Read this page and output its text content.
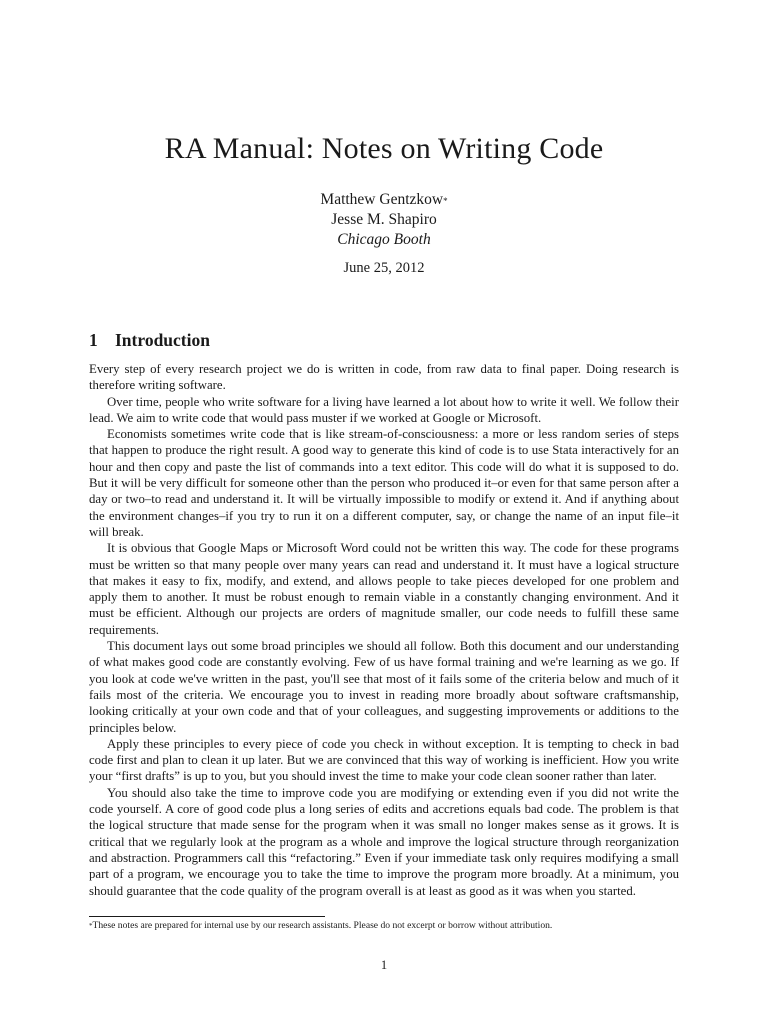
RA Manual: Notes on Writing Code
Matthew Gentzkow*
Jesse M. Shapiro
Chicago Booth
June 25, 2012
1 Introduction

Every step of every research project we do is written in code, from raw data to final paper. Doing research is therefore writing software.

Over time, people who write software for a living have learned a lot about how to write it well. We follow their lead. We aim to write code that would pass muster if we worked at Google or Microsoft.

Economists sometimes write code that is like stream-of-consciousness: a more or less random series of steps that happen to produce the right result. A good way to generate this kind of code is to use Stata interactively for an hour and then copy and paste the list of commands into a text editor. This code will do what it is supposed to do. But it will be very difficult for someone other than the person who produced it–or even for that same person after a day or two–to read and understand it. It will be virtually impossible to modify or extend it. And if anything about the environment changes–if you try to run it on a different computer, say, or change the name of an input file–it will break.

It is obvious that Google Maps or Microsoft Word could not be written this way. The code for these programs must be written so that many people over many years can read and understand it. It must have a logical structure that makes it easy to fix, modify, and extend, and allows people to take pieces developed for one problem and apply them to another. It must be robust enough to remain viable in a constantly changing environment. And it must be efficient. Although our projects are orders of magnitude smaller, our code needs to fulfill these same requirements.

This document lays out some broad principles we should all follow. Both this document and our understanding of what makes good code are constantly evolving. Few of us have formal training and we're learning as we go. If you look at code we've written in the past, you'll see that most of it fails some of the criteria below and much of it fails most of the criteria. We encourage you to invest in reading more broadly about software craftsmanship, looking critically at your own code and that of your colleagues, and suggesting improvements or additions to the principles below.

Apply these principles to every piece of code you check in without exception. It is tempting to check in bad code first and plan to clean it up later. But we are convinced that this way of working is inefficient. How you write your “first drafts” is up to you, but you should invest the time to make your code clean sooner rather than later.

You should also take the time to improve code you are modifying or extending even if you did not write the code yourself. A core of good code plus a long series of edits and accretions equals bad code. The problem is that the logical structure that made sense for the program when it was small no longer makes sense as it grows. It is critical that we regularly look at the program as a whole and improve the logical structure through reorganization and abstraction. Programmers call this “refactoring.” Even if your immediate task only requires modifying a small part of a program, we encourage you to take the time to improve the program more broadly. At a minimum, you should guarantee that the code quality of the program overall is at least as good as it was when you started.

*These notes are prepared for internal use by our research assistants. Please do not excerpt or borrow without attribution.
1
